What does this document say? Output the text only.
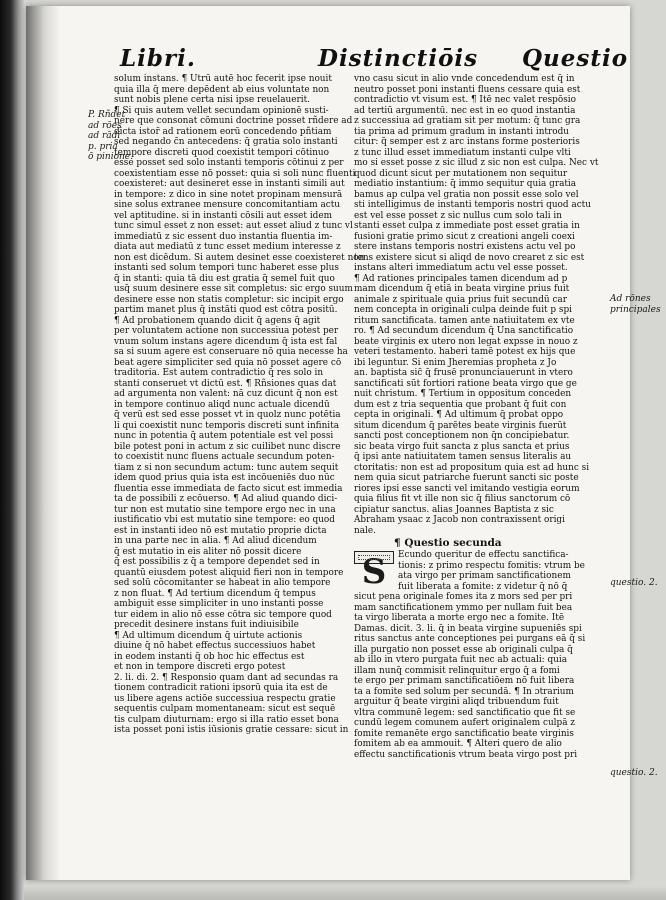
Libri.	Distinctiōis Questio
P. Rñdet
ad rōes
ad rādi
p. pria
ō pinione.
Ad rōnes
principales
questio. 2.
questio. 2.
solum instans. ¶ Utrū autē hoc fecerit ipse nouit
quia illa q̄ mere depēdent ab eius voluntate non
sunt nobis plene certa nisi ipse reuelauerit.
¶ Si quis autem vellet secundam opinionē susti-
nere que consonat cōmuni doctrine posset rñdere ad
dicta istor̄ ad rationem eorū concedendo pñtiam
sed negando c̄n antecedens: q̄ gratia solo instanti
tempore discreti quod coexistit tempori cōtinuo
esse posset sed solo instanti temporis cōtinui z per
coexistentiam esse nō posset: quia si soli nunc fluenti
coexisteret: aut desineret esse in instanti simili aut
in tempore: z dico in sine notet propinam mensurā
sine solus extranee mensure concomitantiam actu
vel aptitudine. si in instanti cōsili aut esset idem
tunc simul esset z non esset: aut esset aliud z tunc vl
immediatū z sic essent duo instantia fluentia im-
diata aut mediatū z tunc esset medium interesse z
non est dicēdum. Si autem desinet esse coexisteret non
instanti sed solum tempori tunc haberet esse plus
q̄ in stanti: quia tā diu est gratia q̄ semel fuit quo
usq̄ suum desinere esse sit completus: sic ergo suum
desinere esse non statis completur: sic incipit ergo
partim manet plus q̄ instāti quod est cōtra positū.
¶ Ad probationem quando dicit q̄ agens q̄ agit
per voluntatem actione non successiua potest per
vnum solum instans agere dicendum q̄ ista est fal
sa si suum agere est conseruare nō quia necesse ha
beat agere simpliciter sed quia nō posset agere cō
traditoria. Est autem contradictio q̄ res solo in
stanti conseruet vt dictū est. ¶ Rñsiones quas dat
ad argumenta non valent: nā cuz dicunt q̄ non est
in tempore continuo aliqd nunc actuale dicendū
q̄ verū est sed esse posset vt in quolz nunc potētia
li qui coexistit nunc temporis discreti sunt infinita
nunc in potentia q̄ autem potentiale est vel possi
bile potest poni in actum z sic cuilibet nunc discre
to coexistit nunc fluens actuale secundum poten-
tiam z si non secundum actum: tunc autem sequit
idem quod prius quia ista est incōueniēs duo nūc
fluentia esse immediata de facto sicut est immedia
ta de possibili z ecōuerso. ¶ Ad aliud quando dici-
tur non est mutatio sine tempore ergo nec in una
iustificatio vbi est mutatio sine tempore: eo quod
est in instanti ideo nō est mutatio proprie dicta
in una parte nec in alia. ¶ Ad aliud dicendum
q̄ est mutatio in eis aliter nō possit dicere
q̄ est possibilis z q̄ a tempore dependet sed in
quantū eiusdem potest aliquid fieri non in tempore
sed solū cōcomitanter se habeat in alio tempore
z non fluat. ¶ Ad tertium dicendum q̄ tempus
ambiguit esse simpliciter in uno instanti posse
tur eidem in alio nō esse cōtra sic tempore quod
precedit desinere instans fuit indiuisibile
¶ Ad ultimum dicendum q̄ uirtute actionis
diuine q̄ nō habet effectus successiuos habet
in eodem instanti q̄ ob hoc hic effectus est
et non in tempore discreti ergo potest
2. li. di. 2. ¶ Responsio quam dant ad secundas ra
tionem contradicit rationi ipsorū quia ita est de
us libere agens actiōe successiua respectu gratie
sequentis culpam momentaneam: sicut est sequē
tis culpam diuturnam: ergo si illa ratio esset bona
ista posset poni istis iūsionis gratie cessare: sicut in
vno casu sicut in alio vnde concedendum est q̄ in
neutro posset poni instanti fluens cessare quia est
contradictio vt visum est. ¶ Itē nec valet respōsio
ad tertiū argumentū. nec est in eo quod instantia
z successiua ad gratiam sit per motum: q̄ tunc gra
tia prima ad primum gradum in instanti introdu
citur: q̄ semper est z arc instans forme posterioris
z tunc illud esset immediatum instanti culpe vlti
mo si esset posse z sic illud z sic non est culpa. Nec vt
quod dicunt sicut per mutationem non sequitur
mediatio instantium: q̄ immo sequitur quia gratia
bamus ap culpa vel gratia non possit esse solo vel
sti intelligimus de instanti temporis nostri quod actu
est vel esse posset z sic nullus cum solo tali in
stanti esset culpa z immediate post esset gratia in
fusioni gratie primo sicut z creationi angeli coexi
stere instans temporis nostri existens actu vel po
tens existere sicut si aliqd de novo crearet z sic est
instans alteri immediatum actu vel esse posset.
¶ Ad rationes principales tamen dicendum ad p
mam dicendum q̄ etiā in beata virgine prius fuit
animale z spirituale quia prius fuit secundū car
nem concepta in originali culpa deinde fuit p spi
ritum sanctificata. tamen ante natiuitatem ex vte
ro. ¶ Ad secundum dicendum q̄ Una sanctificatio
beate virginis ex utero non legat expsse in nouo z
veteri testamento. haberi tamē potest ex hijs que
ibi leguntur. Si enim Jheremias propheta z Jo
an. baptista sic̄ q̄ frusē pronunciauerunt in vtero
sanctificati sūt fortiori ratione beata virgo que ge
nuit christum. ¶ Tertium in oppositum conceden
dum est z tria sequentia que probant q̄ fuit con
cepta in originali. ¶ Ad ultimum q̄ probat oppo
situm dicendum q̄ parētes beate virginis fuerūt
sancti post conceptionem non q̄n concipiebatur.
sic beata virgo fuit sancta z plus sancta et prius
q̄ ipsi ante natiuitatem tamen sensus literalis au
ctoritatis: non est ad propositum quia est ad hunc si
nem quia sicut patriarche fuerunt sancti sic poste
riores ipsi esse sancti vel imitando vestigia eorum
quia filius fit vt ille non sic q̄ filius sanctorum cō
cipiatur sanctus. alias Joannes Baptista z sic
Abraham ysaac z Jacob non contraxissent origi
nale.
¶ Questio secunda
S	Ecundo queritur de effectu sanctifica-
tionis: z primo respectu fomitis: vtrum be
ata virgo per primam sanctificationem
fuit liberata a fomite: z videtur q̄ nō q̄
sicut pena originale fomes ita z mors sed per pri
mam sanctificationem ymmo per nullam fuit bea
ta virgo liberata a morte ergo nec a fomite. Itē
Damas. dicit. 3. li. q̄ in beata virgine supueniēs spi
ritus sanctus ante conceptiones pei purgans eā q̄ si
illa purgatio non posset esse ab originali culpa q̄
ab illo in vtero purgata fuit nec ab actuali: quia
illam nunq̄ commisit relinquitur ergo q̄ a fomi
te ergo per primam sanctificatiōem nō fuit libera
ta a fomite sed solum per secundā. ¶ In ɔtrarium
arguitur q̄ beate virgini aliqd tribuendum fuit
vltra communē legem: sed sanctificatio que fit se
cundū legem comunem aufert originalem culpā z
fomite remanēte ergo sanctificatio beate virginis
fomitem ab ea ammouit. ¶ Alteri quero de alio
effectu sanctificationis vtrum beata virgo post pri
